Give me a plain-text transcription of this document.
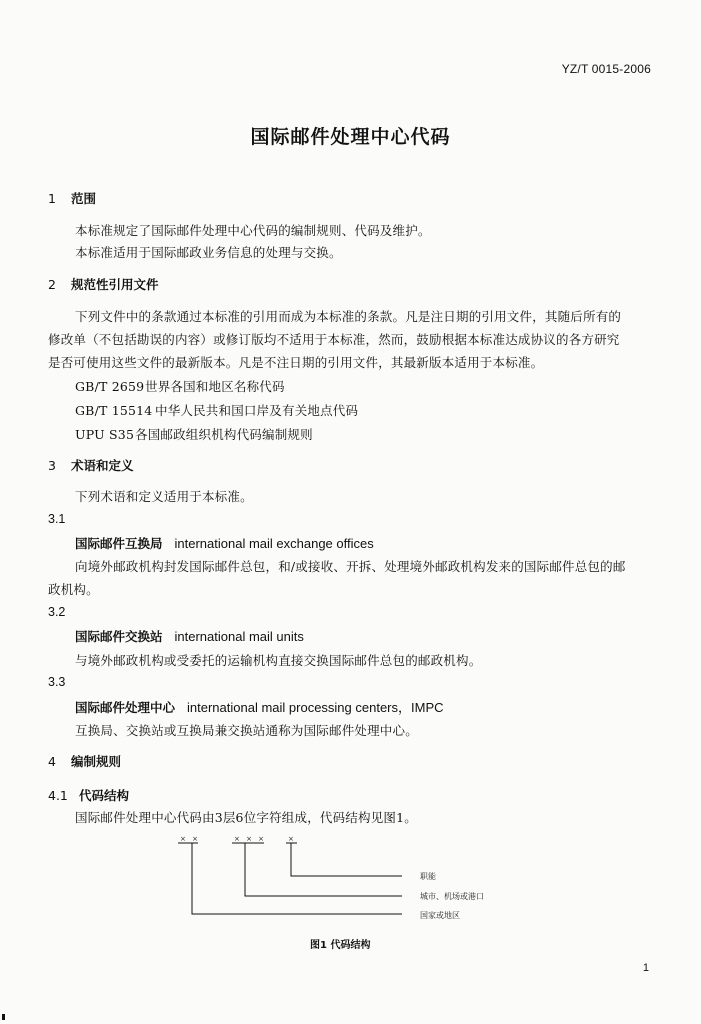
YZ/T 0015-2006
国际邮件处理中心代码
1 范围
本标准规定了国际邮件处理中心代码的编制规则、代码及维护。
本标准适用于国际邮政业务信息的处理与交换。
2 规范性引用文件
下列文件中的条款通过本标准的引用而成为本标准的条款。凡是注日期的引用文件，其随后所有的
修改单（不包括勘误的内容）或修订版均不适用于本标准，然而，鼓励根据本标准达成协议的各方研究
是否可使用这些文件的最新版本。凡是不注日期的引用文件，其最新版本适用于本标准。
GB/T 2659世界各国和地区名称代码
GB/T 15514 中华人民共和国口岸及有关地点代码
UPU S35各国邮政组织机构代码编制规则
3 术语和定义
下列术语和定义适用于本标准。
3.1
国际邮件互换局 international mail exchange offices
向境外邮政机构封发国际邮件总包，和/或接收、开拆、处理境外邮政机构发来的国际邮件总包的邮
政机构。
3.2
国际邮件交换站 international mail units
与境外邮政机构或受委托的运输机构直接交换国际邮件总包的邮政机构。
3.3
国际邮件处理中心 international mail processing centers，IMPC
互换局、交换站或互换局兼交换站通称为国际邮件处理中心。
4 编制规则
4.1 代码结构
国际邮件处理中心代码由3层6位字符组成，代码结构见图1。
× ×	× × ×	×
职能
城市、机场或港口
国家或地区
图1 代码结构
1
